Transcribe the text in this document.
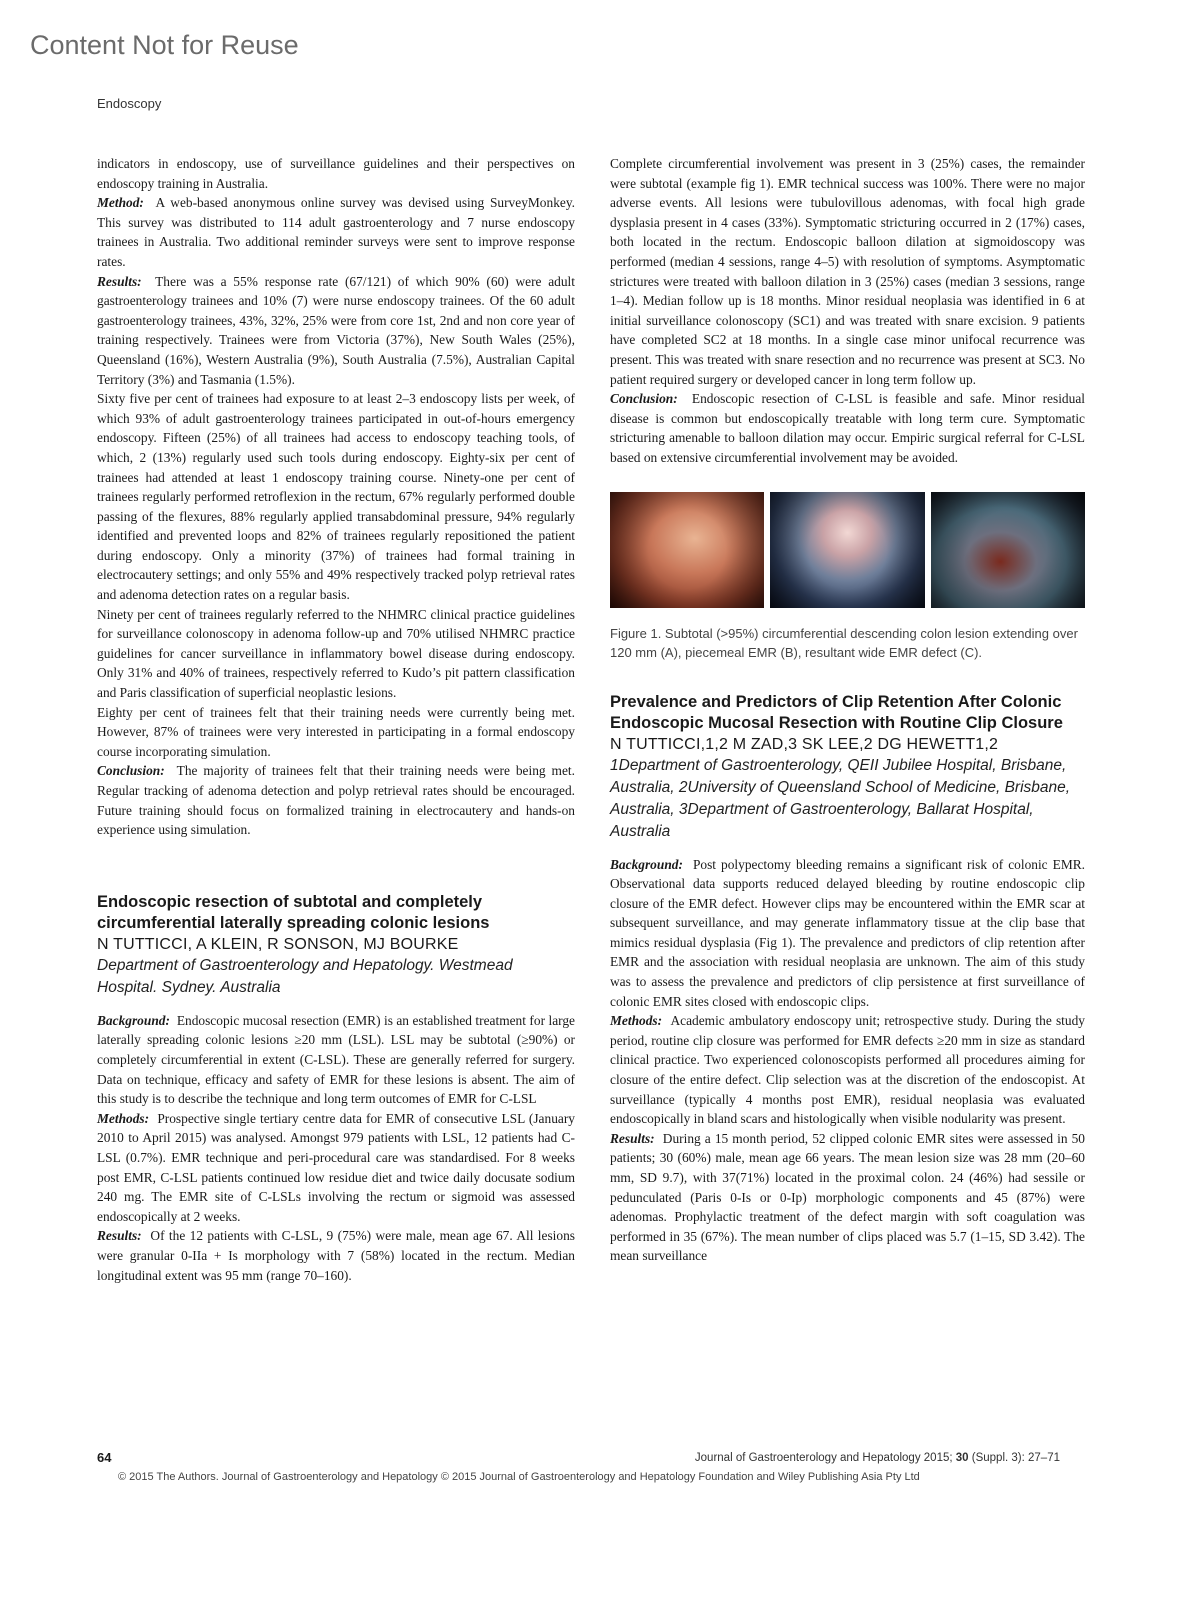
Content Not for Reuse
Endoscopy

indicators in endoscopy, use of surveillance guidelines and their perspectives on endoscopy training in Australia.

Method: A web-based anonymous online survey was devised using SurveyMonkey. This survey was distributed to 114 adult gastroenterology and 7 nurse endoscopy trainees in Australia. Two additional reminder surveys were sent to improve response rates.

Results: There was a 55% response rate (67/121) of which 90% (60) were adult gastroenterology trainees and 10% (7) were nurse endoscopy trainees. Of the 60 adult gastroenterology trainees, 43%, 32%, 25% were from core 1st, 2nd and non core year of training respectively. Trainees were from Victoria (37%), New South Wales (25%), Queensland (16%), Western Australia (9%), South Australia (7.5%), Australian Capital Territory (3%) and Tasmania (1.5%).

Sixty five per cent of trainees had exposure to at least 2–3 endoscopy lists per week, of which 93% of adult gastroenterology trainees participated in out-of-hours emergency endoscopy. Fifteen (25%) of all trainees had access to endoscopy teaching tools, of which, 2 (13%) regularly used such tools during endoscopy. Eighty-six per cent of trainees had attended at least 1 endoscopy training course. Ninety-one per cent of trainees regularly performed retroflexion in the rectum, 67% regularly performed double passing of the flexures, 88% regularly applied transabdominal pressure, 94% regularly identified and prevented loops and 82% of trainees regularly repositioned the patient during endoscopy. Only a minority (37%) of trainees had formal training in electrocautery settings; and only 55% and 49% respectively tracked polyp retrieval rates and adenoma detection rates on a regular basis.

Ninety per cent of trainees regularly referred to the NHMRC clinical practice guidelines for surveillance colonoscopy in adenoma follow-up and 70% utilised NHMRC practice guidelines for cancer surveillance in inflammatory bowel disease during endoscopy. Only 31% and 40% of trainees, respectively referred to Kudo’s pit pattern classification and Paris classification of superficial neoplastic lesions.

Eighty per cent of trainees felt that their training needs were currently being met. However, 87% of trainees were very interested in participating in a formal endoscopy course incorporating simulation.

Conclusion: The majority of trainees felt that their training needs were being met. Regular tracking of adenoma detection and polyp retrieval rates should be encouraged. Future training should focus on formalized training in electrocautery and hands-on experience using simulation.

Endoscopic resection of subtotal and completely circumferential laterally spreading colonic lesions
N TUTTICCI, A KLEIN, R SONSON, MJ BOURKE
Department of Gastroenterology and Hepatology. Westmead Hospital. Sydney. Australia

Background: Endoscopic mucosal resection (EMR) is an established treatment for large laterally spreading colonic lesions ≥20 mm (LSL). LSL may be subtotal (≥90%) or completely circumferential in extent (C-LSL). These are generally referred for surgery. Data on technique, efficacy and safety of EMR for these lesions is absent. The aim of this study is to describe the technique and long term outcomes of EMR for C-LSL

Methods: Prospective single tertiary centre data for EMR of consecutive LSL (January 2010 to April 2015) was analysed. Amongst 979 patients with LSL, 12 patients had C-LSL (0.7%). EMR technique and peri-procedural care was standardised. For 8 weeks post EMR, C-LSL patients continued low residue diet and twice daily docusate sodium 240 mg. The EMR site of C-LSLs involving the rectum or sigmoid was assessed endoscopically at 2 weeks.

Results: Of the 12 patients with C-LSL, 9 (75%) were male, mean age 67. All lesions were granular 0-IIa + Is morphology with 7 (58%) located in the rectum. Median longitudinal extent was 95 mm (range 70–160).

Complete circumferential involvement was present in 3 (25%) cases, the remainder were subtotal (example fig 1). EMR technical success was 100%. There were no major adverse events. All lesions were tubulovillous adenomas, with focal high grade dysplasia present in 4 cases (33%). Symptomatic stricturing occurred in 2 (17%) cases, both located in the rectum. Endoscopic balloon dilation at sigmoidoscopy was performed (median 4 sessions, range 4–5) with resolution of symptoms. Asymptomatic strictures were treated with balloon dilation in 3 (25%) cases (median 3 sessions, range 1–4). Median follow up is 18 months. Minor residual neoplasia was identified in 6 at initial surveillance colonoscopy (SC1) and was treated with snare excision. 9 patients have completed SC2 at 18 months. In a single case minor unifocal recurrence was present. This was treated with snare resection and no recurrence was present at SC3. No patient required surgery or developed cancer in long term follow up.

Conclusion: Endoscopic resection of C-LSL is feasible and safe. Minor residual disease is common but endoscopically treatable with long term cure. Symptomatic stricturing amenable to balloon dilation may occur. Empiric surgical referral for C-LSL based on extensive circumferential involvement may be avoided.

Figure 1. Subtotal (>95%) circumferential descending colon lesion extending over 120 mm (A), piecemeal EMR (B), resultant wide EMR defect (C).
Prevalence and Predictors of Clip Retention After Colonic Endoscopic Mucosal Resection with Routine Clip Closure
N TUTTICCI,1,2 M ZAD,3 SK LEE,2 DG HEWETT1,2
1Department of Gastroenterology, QEII Jubilee Hospital, Brisbane, Australia, 2University of Queensland School of Medicine, Brisbane, Australia, 3Department of Gastroenterology, Ballarat Hospital, Australia

Background: Post polypectomy bleeding remains a significant risk of colonic EMR. Observational data supports reduced delayed bleeding by routine endoscopic clip closure of the EMR defect. However clips may be encountered within the EMR scar at subsequent surveillance, and may generate inflammatory tissue at the clip base that mimics residual dysplasia (Fig 1). The prevalence and predictors of clip retention after EMR and the association with residual neoplasia are unknown. The aim of this study was to assess the prevalence and predictors of clip persistence at first surveillance of colonic EMR sites closed with endoscopic clips.

Methods: Academic ambulatory endoscopy unit; retrospective study. During the study period, routine clip closure was performed for EMR defects ≥20 mm in size as standard clinical practice. Two experienced colonoscopists performed all procedures aiming for closure of the entire defect. Clip selection was at the discretion of the endoscopist. At surveillance (typically 4 months post EMR), residual neoplasia was evaluated endoscopically in bland scars and histologically when visible nodularity was present.

Results: During a 15 month period, 52 clipped colonic EMR sites were assessed in 50 patients; 30 (60%) male, mean age 66 years. The mean lesion size was 28 mm (20–60 mm, SD 9.7), with 37(71%) located in the proximal colon. 24 (46%) had sessile or pedunculated (Paris 0-Is or 0-Ip) morphologic components and 45 (87%) were adenomas. Prophylactic treatment of the defect margin with soft coagulation was performed in 35 (67%). The mean number of clips placed was 5.7 (1–15, SD 3.42). The mean surveillance

64	Journal of Gastroenterology and Hepatology 2015; 30 (Suppl. 3): 27–71
© 2015 The Authors. Journal of Gastroenterology and Hepatology © 2015 Journal of Gastroenterology and Hepatology Foundation and Wiley Publishing Asia Pty Ltd
